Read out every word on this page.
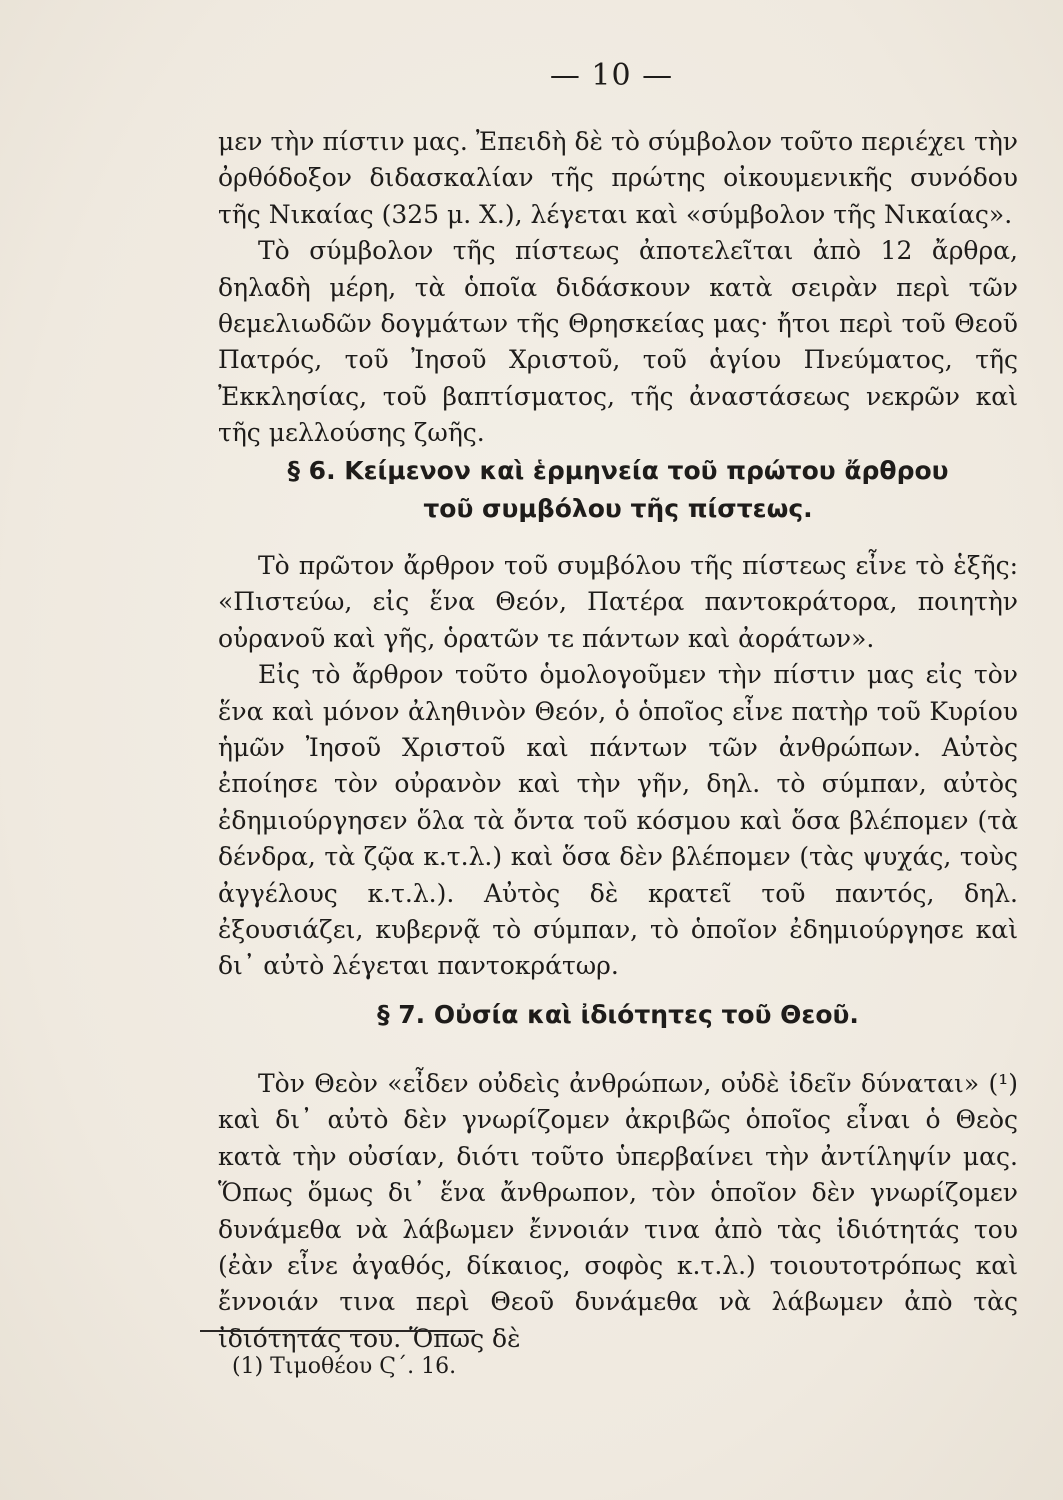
— 10 —

μεν τὴν πίστιν μας. Ἐπειδὴ δὲ τὸ σύμβολον τοῦτο περιέχει τὴν ὀρθόδοξον διδασκαλίαν τῆς πρώτης οἰκουμενικῆς συνόδου τῆς Νικαίας (325 μ. Χ.), λέγεται καὶ «σύμβολον τῆς Νικαίας».

Τὸ σύμβολον τῆς πίστεως ἀποτελεῖται ἀπὸ 12 ἄρθρα, δηλαδὴ μέρη, τὰ ὁποῖα διδάσκουν κατὰ σειρὰν περὶ τῶν θεμελιωδῶν δογμάτων τῆς Θρησκείας μας· ἤτοι περὶ τοῦ Θεοῦ Πατρός, τοῦ Ἰησοῦ Χριστοῦ, τοῦ ἁγίου Πνεύματος, τῆς Ἐκκλησίας, τοῦ βαπτίσματος, τῆς ἀναστάσεως νεκρῶν καὶ τῆς μελλούσης ζωῆς.

§ 6. Κείμενον καὶ ἑρμηνεία τοῦ πρώτου ἄρθρου
τοῦ συμβόλου τῆς πίστεως.

Τὸ πρῶτον ἄρθρον τοῦ συμβόλου τῆς πίστεως εἶνε τὸ ἑξῆς: «Πιστεύω, εἰς ἕνα Θεόν, Πατέρα παντοκράτορα, ποιητὴν οὐρανοῦ καὶ γῆς, ὁρατῶν τε πάντων καὶ ἀοράτων».

Εἰς τὸ ἄρθρον τοῦτο ὁμολογοῦμεν τὴν πίστιν μας εἰς τὸν ἕνα καὶ μόνον ἀληθινὸν Θεόν, ὁ ὁποῖος εἶνε πατὴρ τοῦ Κυρίου ἡμῶν Ἰησοῦ Χριστοῦ καὶ πάντων τῶν ἀνθρώπων. Αὐτὸς ἐποίησε τὸν οὐρανὸν καὶ τὴν γῆν, δηλ. τὸ σύμπαν, αὐτὸς ἐδημιούργησεν ὅλα τὰ ὄντα τοῦ κόσμου καὶ ὅσα βλέπομεν (τὰ δένδρα, τὰ ζῷα κ.τ.λ.) καὶ ὅσα δὲν βλέπομεν (τὰς ψυχάς, τοὺς ἀγγέλους κ.τ.λ.). Αὐτὸς δὲ κρατεῖ τοῦ παντός, δηλ. ἐξουσιάζει, κυβερνᾷ τὸ σύμπαν, τὸ ὁποῖον ἐδημιούργησε καὶ δι᾽ αὐτὸ λέγεται παντοκράτωρ.

§ 7. Οὐσία καὶ ἰδιότητες τοῦ Θεοῦ.

Τὸν Θεὸν «εἶδεν οὐδεὶς ἀνθρώπων, οὐδὲ ἰδεῖν δύναται» (¹) καὶ δι᾽ αὐτὸ δὲν γνωρίζομεν ἀκριβῶς ὁποῖος εἶναι ὁ Θεὸς κατὰ τὴν οὐσίαν, διότι τοῦτο ὑπερβαίνει τὴν ἀντίληψίν μας. Ὅπως ὅμως δι᾽ ἕνα ἄνθρωπον, τὸν ὁποῖον δὲν γνωρίζομεν δυνάμεθα νὰ λάβωμεν ἔννοιάν τινα ἀπὸ τὰς ἰδιότητάς του (ἐὰν εἶνε ἀγαθός, δίκαιος, σοφὸς κ.τ.λ.) τοιουτοτρόπως καὶ ἔννοιάν τινα περὶ Θεοῦ δυνάμεθα νὰ λάβωμεν ἀπὸ τὰς ἰδιότητάς του. Ὅπως δὲ

(1) Τιμοθέου Ϛ΄. 16.
